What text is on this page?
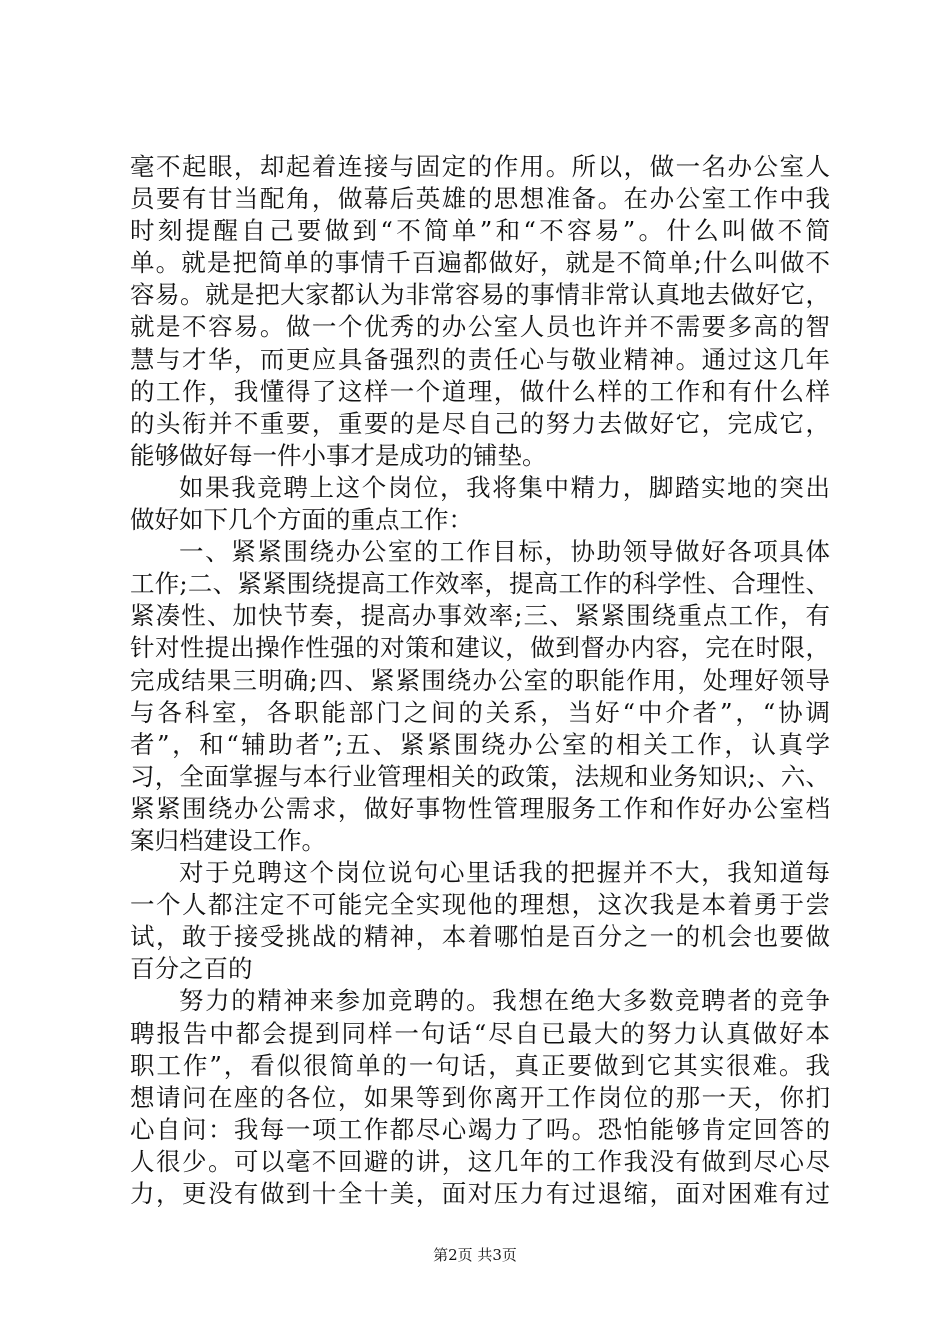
毫不起眼，却起着连接与固定的作用。所以，做一名办公室人
员要有甘当配角，做幕后英雄的思想准备。在办公室工作中我
时刻提醒自己要做到“不简单”和“不容易”。什么叫做不简
单。就是把简单的事情千百遍都做好，就是不简单;什么叫做不
容易。就是把大家都认为非常容易的事情非常认真地去做好它，
就是不容易。做一个优秀的办公室人员也许并不需要多高的智
慧与才华，而更应具备强烈的责任心与敬业精神。通过这几年
的工作，我懂得了这样一个道理，做什么样的工作和有什么样
的头衔并不重要，重要的是尽自己的努力去做好它，完成它，
能够做好每一件小事才是成功的铺垫。
如果我竞聘上这个岗位，我将集中精力，脚踏实地的突出
做好如下几个方面的重点工作：
一、紧紧围绕办公室的工作目标，协助领导做好各项具体
工作;二、紧紧围绕提高工作效率，提高工作的科学性、合理性、
紧凑性、加快节奏，提高办事效率;三、紧紧围绕重点工作，有
针对性提出操作性强的对策和建议，做到督办内容，完在时限，
完成结果三明确;四、紧紧围绕办公室的职能作用，处理好领导
与各科室，各职能部门之间的关系，当好“中介者”，“协调
者”，和“辅助者”;五、紧紧围绕办公室的相关工作，认真学
习，全面掌握与本行业管理相关的政策，法规和业务知识;、六、
紧紧围绕办公需求，做好事物性管理服务工作和作好办公室档
案归档建设工作。
对于兑聘这个岗位说句心里话我的把握并不大，我知道每
一个人都注定不可能完全实现他的理想，这次我是本着勇于尝
试，敢于接受挑战的精神，本着哪怕是百分之一的机会也要做
百分之百的
努力的精神来参加竞聘的。我想在绝大多数竞聘者的竞争
聘报告中都会提到同样一句话“尽自已最大的努力认真做好本
职工作”，看似很简单的一句话，真正要做到它其实很难。我
想请问在座的各位，如果等到你离开工作岗位的那一天，你扪
心自问：我每一项工作都尽心竭力了吗。恐怕能够肯定回答的
人很少。可以毫不回避的讲，这几年的工作我没有做到尽心尽
力，更没有做到十全十美，面对压力有过退缩，面对困难有过
第2页 共3页
